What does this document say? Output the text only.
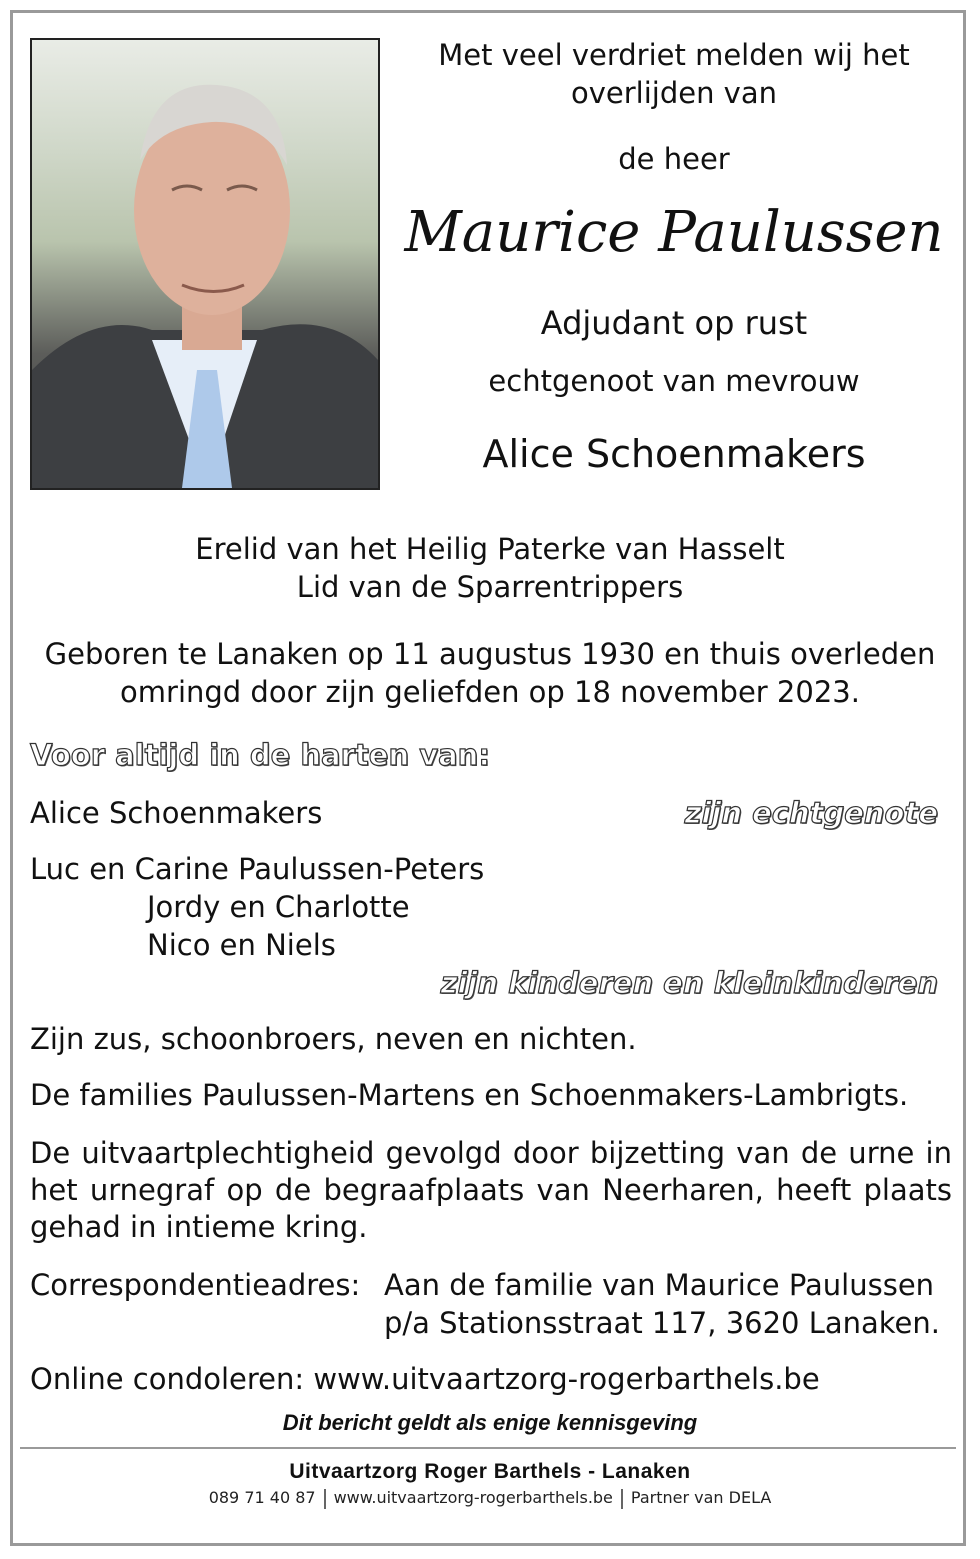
Met veel verdriet melden wij het overlijden van
de heer
Maurice Paulussen
Adjudant op rust
echtgenoot van mevrouw
Alice Schoenmakers
Erelid van het Heilig Paterke van Hasselt
Lid van de Sparrentrippers
Geboren te Lanaken op 11 augustus 1930 en thuis overleden
omringd door zijn geliefden op 18 november 2023.
Voor altijd in de harten van:
Alice Schoenmakers	zijn echtgenote
Luc en Carine Paulussen-Peters
Jordy en Charlotte
Nico en Niels
zijn kinderen en kleinkinderen
Zijn zus, schoonbroers, neven en nichten.
De families Paulussen-Martens en Schoenmakers-Lambrigts.
De uitvaartplechtigheid gevolgd door bijzetting van de urne in het urnegraf op de begraafplaats van Neerharen, heeft plaats gehad in intieme kring.
Correspondentieadres: Aan de familie van Maurice Paulussen
p/a Stationsstraat 117, 3620 Lanaken.
Online condoleren: www.uitvaartzorg-rogerbarthels.be
Dit bericht geldt als enige kennisgeving
Uitvaartzorg Roger Barthels - Lanaken
089 71 40 87 www.uitvaartzorg-rogerbarthels.be Partner van DELA
